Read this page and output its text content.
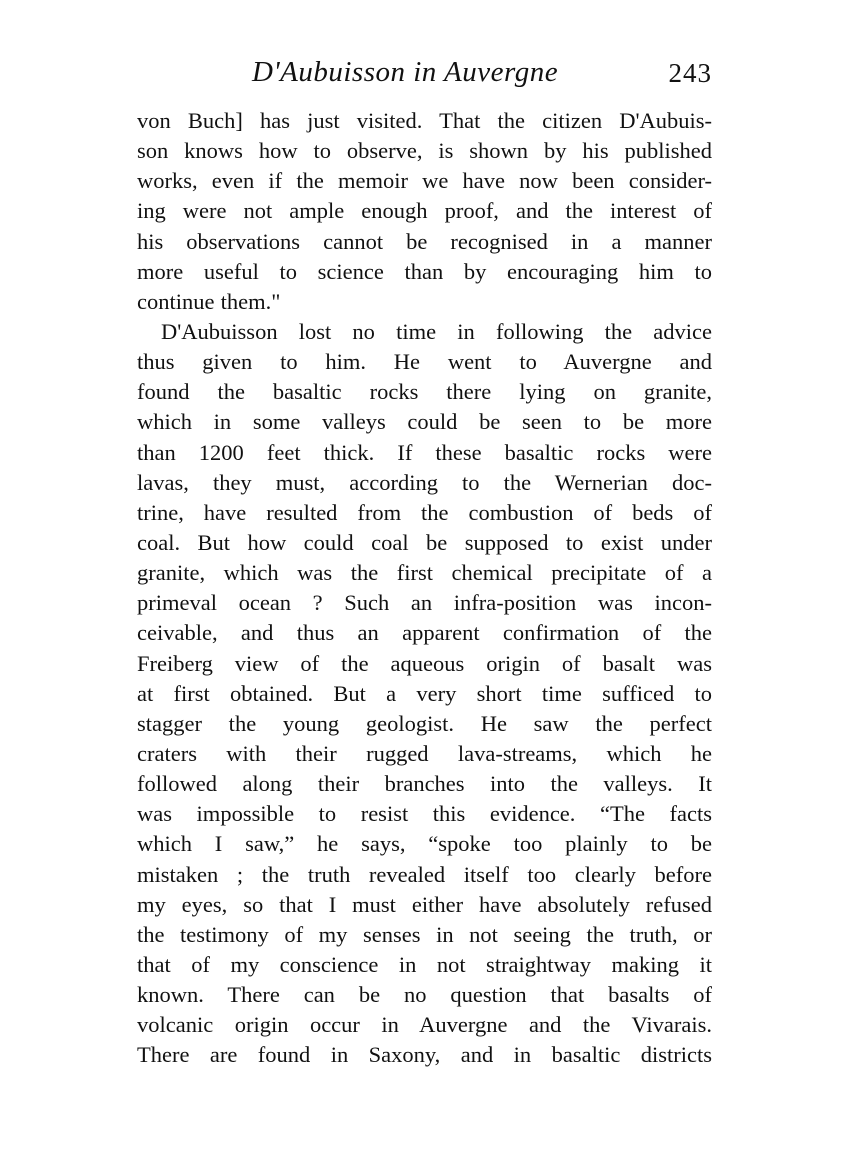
D'Aubuisson in Auvergne	243
von Buch] has just visited. That the citizen D'Aubuis-
son knows how to observe, is shown by his published
works, even if the memoir we have now been consider-
ing were not ample enough proof, and the interest of
his observations cannot be recognised in a manner
more useful to science than by encouraging him to
continue them."
D'Aubuisson lost no time in following the advice
thus given to him. He went to Auvergne and
found the basaltic rocks there lying on granite,
which in some valleys could be seen to be more
than 1200 feet thick. If these basaltic rocks were
lavas, they must, according to the Wernerian doc-
trine, have resulted from the combustion of beds of
coal. But how could coal be supposed to exist under
granite, which was the first chemical precipitate of a
primeval ocean ? Such an infra-position was incon-
ceivable, and thus an apparent confirmation of the
Freiberg view of the aqueous origin of basalt was
at first obtained. But a very short time sufficed to
stagger the young geologist. He saw the perfect
craters with their rugged lava-streams, which he
followed along their branches into the valleys. It
was impossible to resist this evidence. “The facts
which I saw,” he says, “spoke too plainly to be
mistaken ; the truth revealed itself too clearly before
my eyes, so that I must either have absolutely refused
the testimony of my senses in not seeing the truth, or
that of my conscience in not straightway making it
known. There can be no question that basalts of
volcanic origin occur in Auvergne and the Vivarais.
There are found in Saxony, and in basaltic districts
